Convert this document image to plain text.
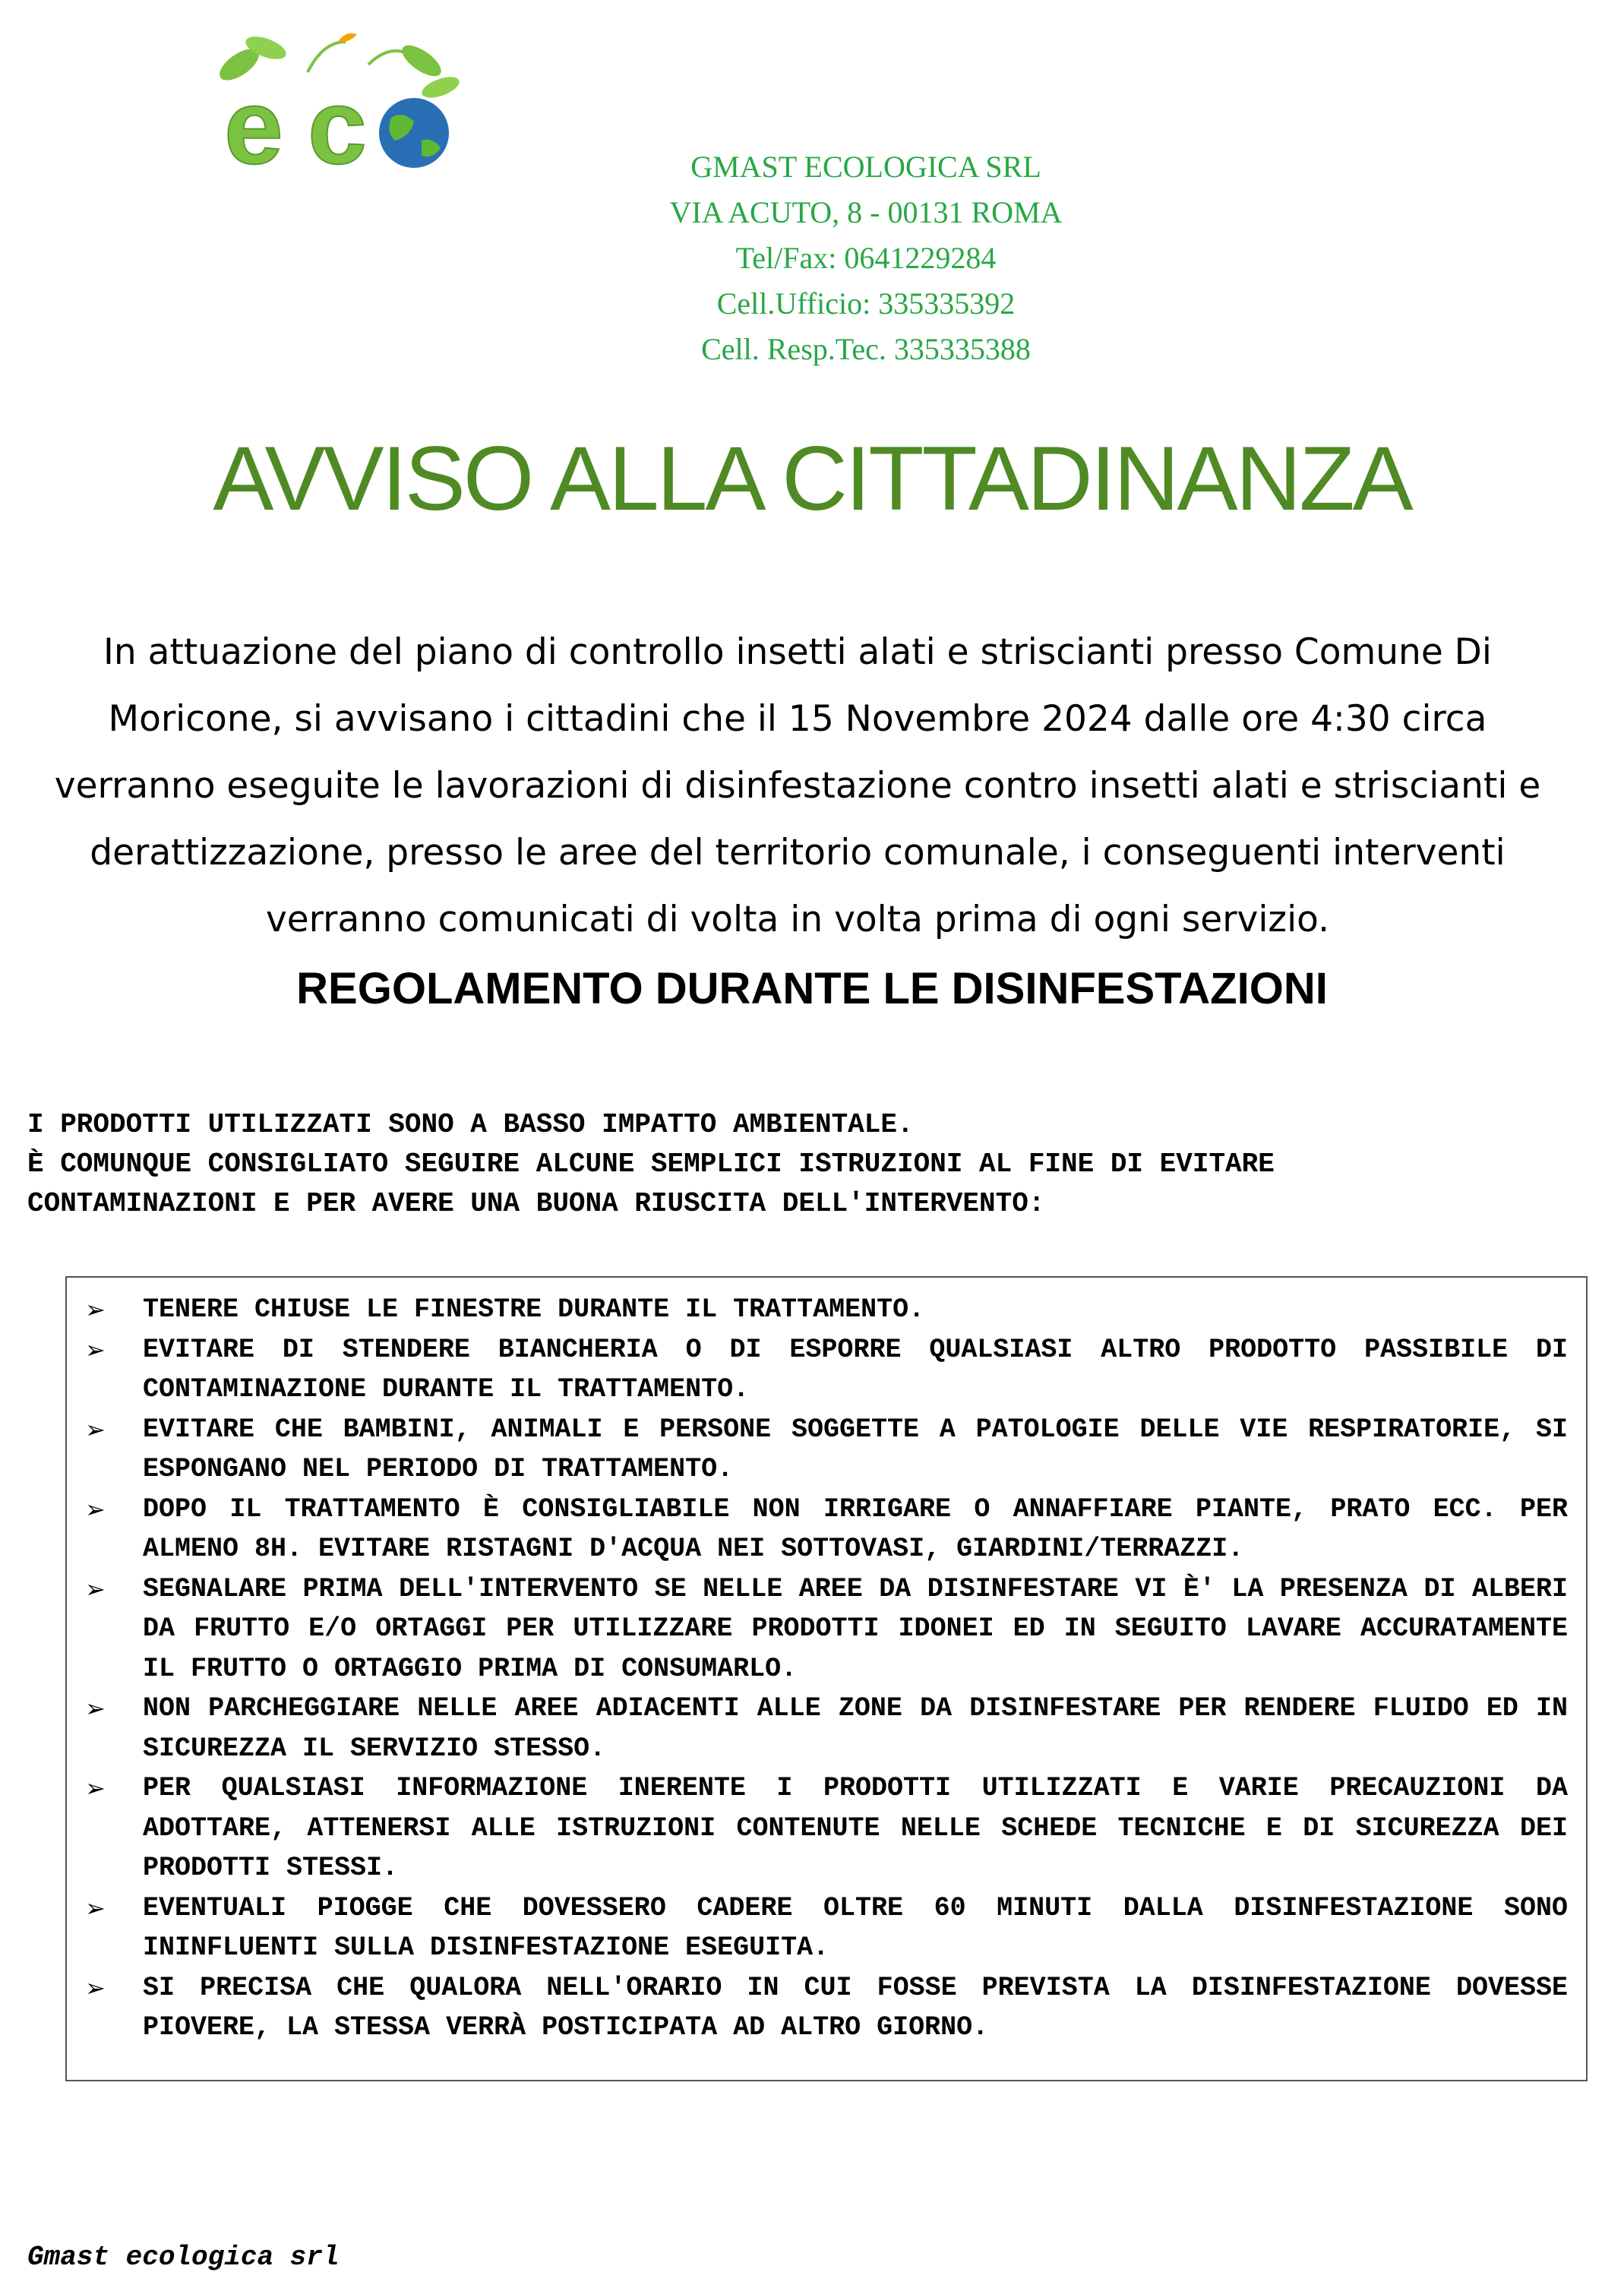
e c	GMAST ECOLOGICA SRL
VIA ACUTO, 8 - 00131 ROMA
Tel/Fax: 0641229284
Cell.Ufficio: 335335392
Cell. Resp.Tec. 335335388
AVVISO ALLA CITTADINANZA

In attuazione del piano di controllo insetti alati e striscianti presso Comune Di Moricone, si avvisano i cittadini che il 15 Novembre 2024 dalle ore 4:30 circa verranno eseguite le lavorazioni di disinfestazione contro insetti alati e striscianti e derattizzazione, presso le aree del territorio comunale, i conseguenti interventi verranno comunicati di volta in volta prima di ogni servizio.

REGOLAMENTO DURANTE LE DISINFESTAZIONI
I PRODOTTI UTILIZZATI SONO A BASSO IMPATTO AMBIENTALE.
È COMUNQUE CONSIGLIATO SEGUIRE ALCUNE SEMPLICI ISTRUZIONI AL FINE DI EVITARE
CONTAMINAZIONI E PER AVERE UNA BUONA RIUSCITA DELL'INTERVENTO:
➢ TENERE CHIUSE LE FINESTRE DURANTE IL TRATTAMENTO.
➢ EVITARE DI STENDERE BIANCHERIA O DI ESPORRE QUALSIASI ALTRO PRODOTTO PASSIBILE DI CONTAMINAZIONE DURANTE IL TRATTAMENTO.
➢ EVITARE CHE BAMBINI, ANIMALI E PERSONE SOGGETTE A PATOLOGIE DELLE VIE RESPIRATORIE, SI ESPONGANO NEL PERIODO DI TRATTAMENTO.
➢ DOPO IL TRATTAMENTO È CONSIGLIABILE NON IRRIGARE O ANNAFFIARE PIANTE, PRATO ECC. PER ALMENO 8H. EVITARE RISTAGNI D'ACQUA NEI SOTTOVASI, GIARDINI/TERRAZZI.
➢ SEGNALARE PRIMA DELL'INTERVENTO SE NELLE AREE DA DISINFESTARE VI È' LA PRESENZA DI ALBERI DA FRUTTO E/O ORTAGGI PER UTILIZZARE PRODOTTI IDONEI ED IN SEGUITO LAVARE ACCURATAMENTE IL FRUTTO O ORTAGGIO PRIMA DI CONSUMARLO.
➢ NON PARCHEGGIARE NELLE AREE ADIACENTI ALLE ZONE DA DISINFESTARE PER RENDERE FLUIDO ED IN SICUREZZA IL SERVIZIO STESSO.
➢ PER QUALSIASI INFORMAZIONE INERENTE I PRODOTTI UTILIZZATI E VARIE PRECAUZIONI DA ADOTTARE, ATTENERSI ALLE ISTRUZIONI CONTENUTE NELLE SCHEDE TECNICHE E DI SICUREZZA DEI PRODOTTI STESSI.
➢ EVENTUALI PIOGGE CHE DOVESSERO CADERE OLTRE 60 MINUTI DALLA DISINFESTAZIONE SONO ININFLUENTI SULLA DISINFESTAZIONE ESEGUITA.
➢ SI PRECISA CHE QUALORA NELL'ORARIO IN CUI FOSSE PREVISTA LA DISINFESTAZIONE DOVESSE PIOVERE, LA STESSA VERRÀ POSTICIPATA AD ALTRO GIORNO.
Gmast ecologica srl
